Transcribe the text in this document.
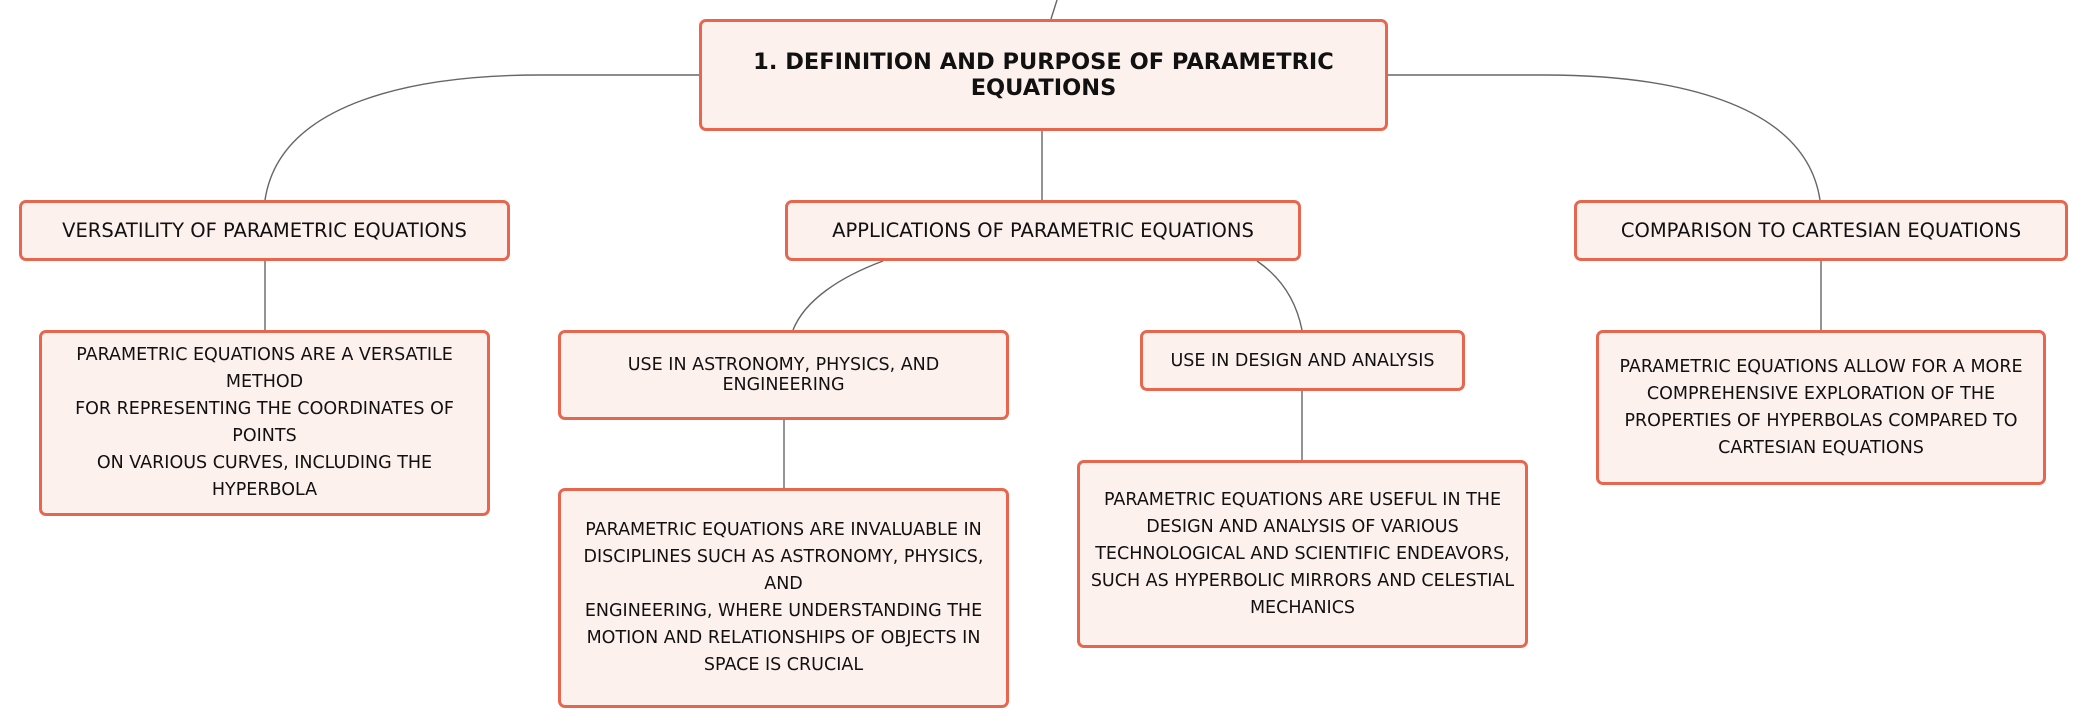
1. DEFINITION AND PURPOSE OF PARAMETRIC EQUATIONS
VERSATILITY OF PARAMETRIC EQUATIONS	APPLICATIONS OF PARAMETRIC EQUATIONS	COMPARISON TO CARTESIAN EQUATIONS
PARAMETRIC EQUATIONS ARE A VERSATILE METHOD
FOR REPRESENTING THE COORDINATES OF POINTS
ON VARIOUS CURVES, INCLUDING THE HYPERBOLA
USE IN ASTRONOMY, PHYSICS, AND ENGINEERING
USE IN DESIGN AND ANALYSIS	PARAMETRIC EQUATIONS ALLOW FOR A MORE
COMPREHENSIVE EXPLORATION OF THE
PROPERTIES OF HYPERBOLAS COMPARED TO
CARTESIAN EQUATIONS
PARAMETRIC EQUATIONS ARE INVALUABLE IN
DISCIPLINES SUCH AS ASTRONOMY, PHYSICS, AND
ENGINEERING, WHERE UNDERSTANDING THE
MOTION AND RELATIONSHIPS OF OBJECTS IN
SPACE IS CRUCIAL
PARAMETRIC EQUATIONS ARE USEFUL IN THE
DESIGN AND ANALYSIS OF VARIOUS
TECHNOLOGICAL AND SCIENTIFIC ENDEAVORS,
SUCH AS HYPERBOLIC MIRRORS AND CELESTIAL
MECHANICS
